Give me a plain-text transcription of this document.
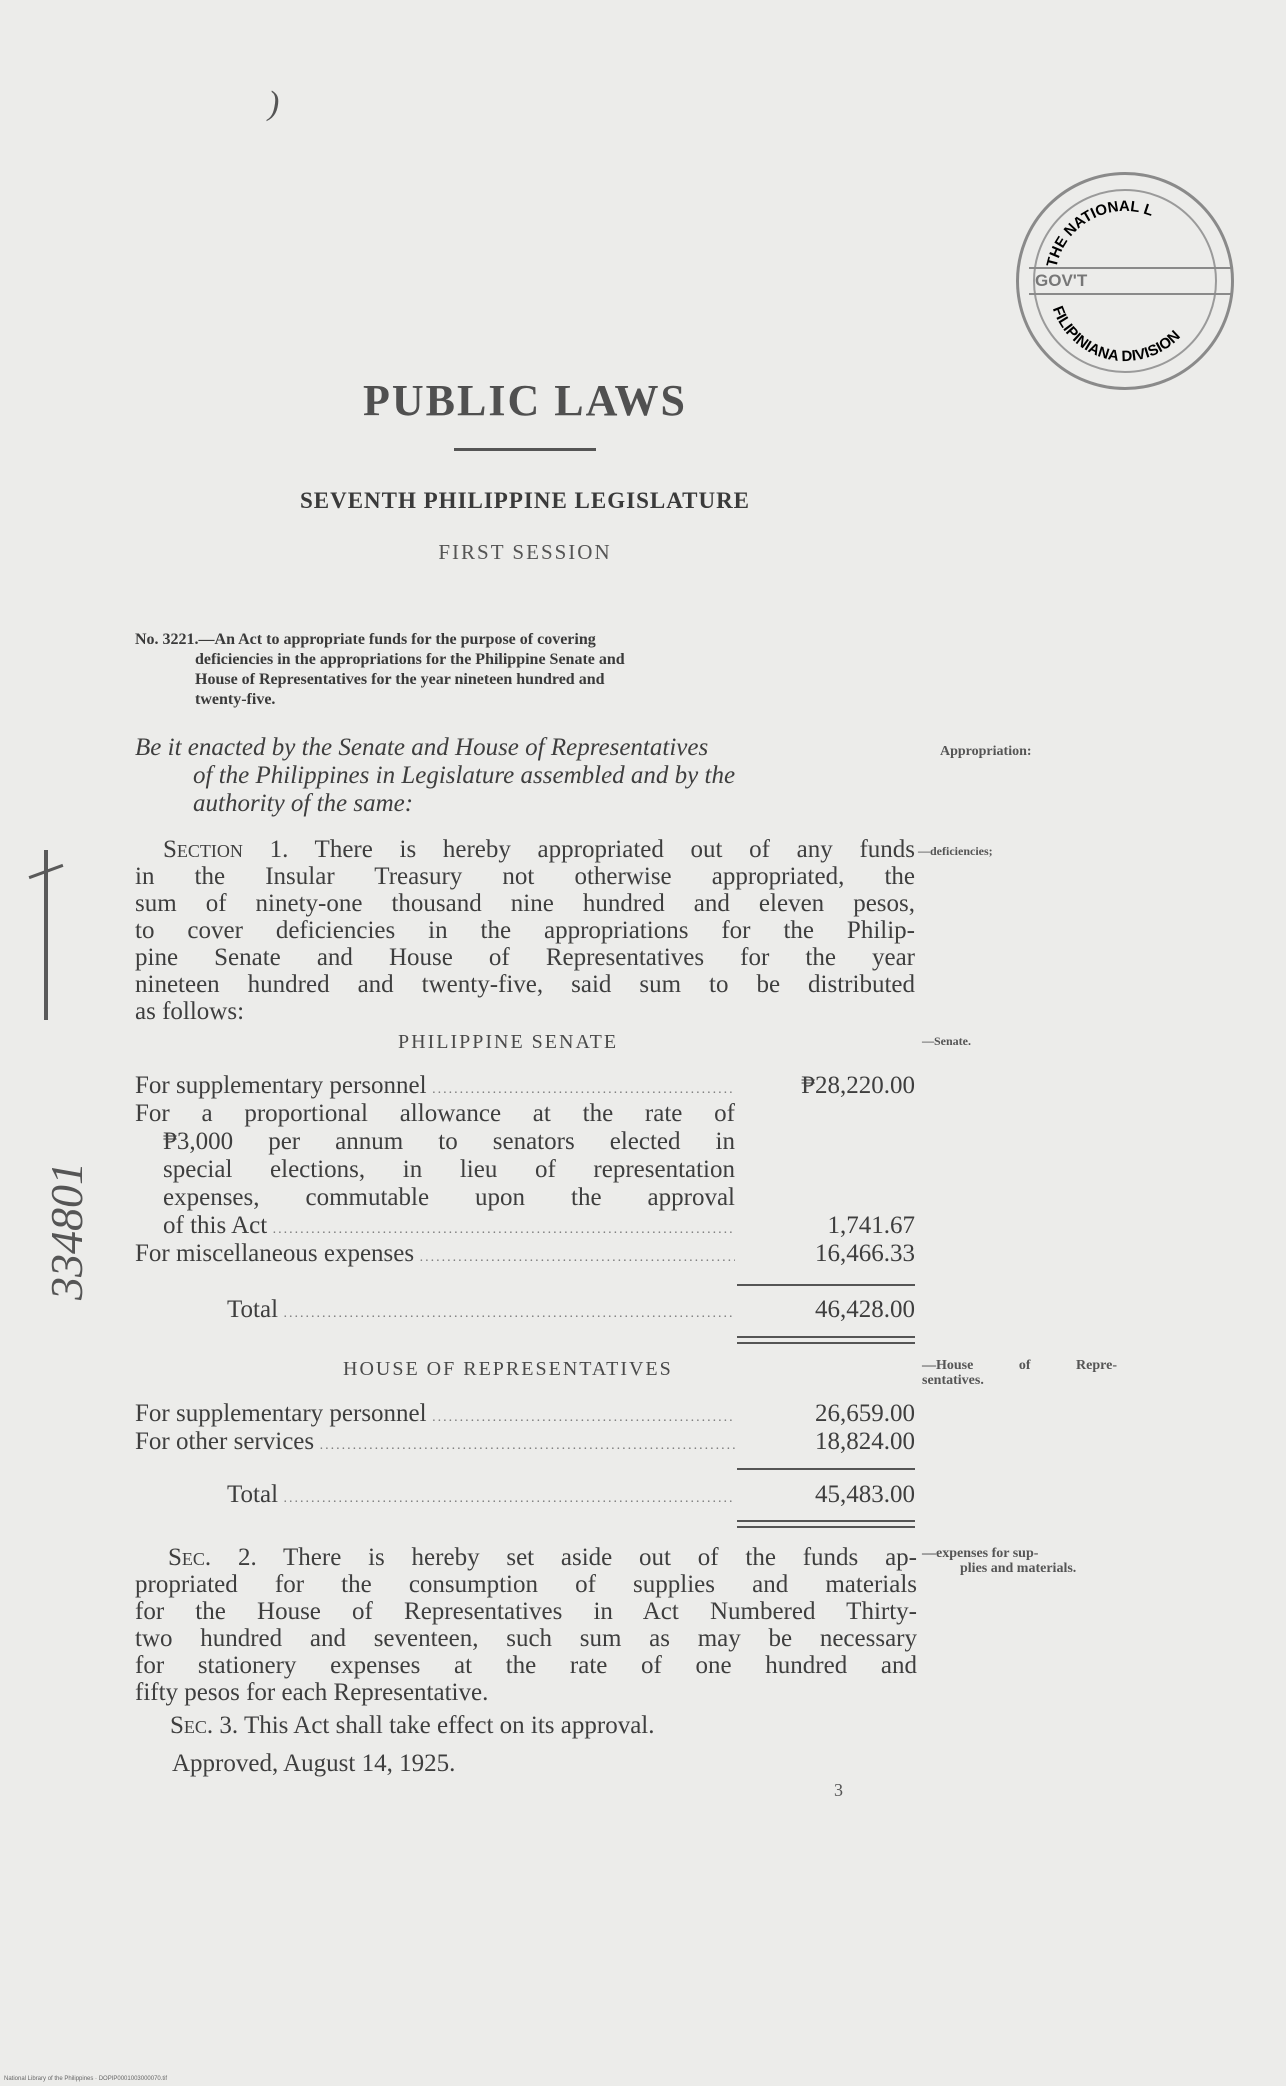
THE NATIONAL L
FILIPINIANA DIVISION
GOV'T
)
334801
PUBLIC LAWS
SEVENTH PHILIPPINE LEGISLATURE
FIRST SESSION
No. 3221.—An Act to appropriate funds for the purpose of covering
deficiencies in the appropriations for the Philippine Senate and
House of Representatives for the year nineteen hundred and
twenty-five.
Be it enacted by the Senate and House of Representatives
of the Philippines in Legislature assembled and by the
authority of the same:
Section 1. There is hereby appropriated out of any funds
in the Insular Treasury not otherwise appropriated, the
sum of ninety-one thousand nine hundred and eleven pesos,
to cover deficiencies in the appropriations for the Philip-
pine Senate and House of Representatives for the year
nineteen hundred and twenty-five, said sum to be distributed
as follows:
PHILIPPINE SENATE
For supplementary personnel .....	₱28,220.00
For a proportional allowance at the rate of
₱3,000 per annum to senators elected in
special elections, in lieu of representation
expenses, commutable upon the approval
of this Act .....	1,741.67
For miscellaneous expenses .....	16,466.33
Total .....	46,428.00
HOUSE OF REPRESENTATIVES
For supplementary personnel .....	26,659.00
For other services .....	18,824.00
Total .....	45,483.00
Sec. 2. There is hereby set aside out of the funds ap-
propriated for the consumption of supplies and materials
for the House of Representatives in Act Numbered Thirty-
two hundred and seventeen, such sum as may be necessary
for stationery expenses at the rate of one hundred and
fifty pesos for each Representative.
Sec. 3. This Act shall take effect on its approval.
Approved, August 14, 1925.
3
Appropriation:
—deficiencies;
—Senate.
—House of Repre-
sentatives.
—expenses for sup-
plies and materials.
National Library of the Philippines · DOPIP0001003000070.tif
